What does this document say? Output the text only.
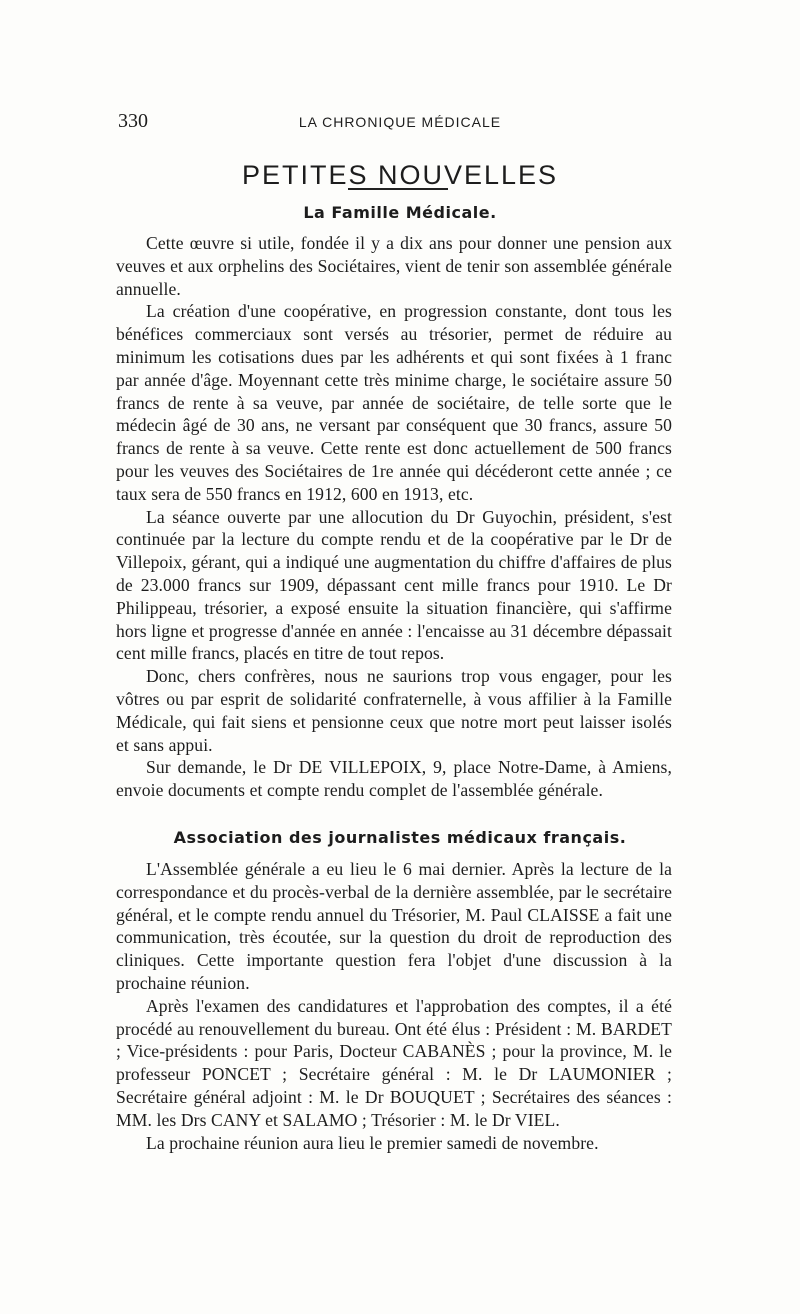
330	LA CHRONIQUE MÉDICALE
PETITES NOUVELLES
La Famille Médicale.

Cette œuvre si utile, fondée il y a dix ans pour donner une pension aux veuves et aux orphelins des Sociétaires, vient de tenir son assemblée générale annuelle.

La création d'une coopérative, en progression constante, dont tous les bénéfices commerciaux sont versés au trésorier, permet de réduire au minimum les cotisations dues par les adhérents et qui sont fixées à 1 franc par année d'âge. Moyennant cette très minime charge, le sociétaire assure 50 francs de rente à sa veuve, par année de sociétaire, de telle sorte que le médecin âgé de 30 ans, ne versant par conséquent que 30 francs, assure 50 francs de rente à sa veuve. Cette rente est donc actuellement de 500 francs pour les veuves des Sociétaires de 1re année qui décéderont cette année ; ce taux sera de 550 francs en 1912, 600 en 1913, etc.

La séance ouverte par une allocution du Dr Guyochin, président, s'est continuée par la lecture du compte rendu et de la coopérative par le Dr de Villepoix, gérant, qui a indiqué une augmentation du chiffre d'affaires de plus de 23.000 francs sur 1909, dépassant cent mille francs pour 1910. Le Dr Philippeau, trésorier, a exposé ensuite la situation financière, qui s'affirme hors ligne et progresse d'année en année : l'encaisse au 31 décembre dépassait cent mille francs, placés en titre de tout repos.

Donc, chers confrères, nous ne saurions trop vous engager, pour les vôtres ou par esprit de solidarité confraternelle, à vous affilier à la Famille Médicale, qui fait siens et pensionne ceux que notre mort peut laisser isolés et sans appui.

Sur demande, le Dr DE VILLEPOIX, 9, place Notre-Dame, à Amiens, envoie documents et compte rendu complet de l'assemblée générale.

Association des journalistes médicaux français.

L'Assemblée générale a eu lieu le 6 mai dernier. Après la lecture de la correspondance et du procès-verbal de la dernière assemblée, par le secrétaire général, et le compte rendu annuel du Trésorier, M. Paul CLAISSE a fait une communication, très écoutée, sur la question du droit de reproduction des cliniques. Cette importante question fera l'objet d'une discussion à la prochaine réunion.

Après l'examen des candidatures et l'approbation des comptes, il a été procédé au renouvellement du bureau. Ont été élus : Président : M. BARDET ; Vice-présidents : pour Paris, Docteur CABANÈS ; pour la province, M. le professeur PONCET ; Secrétaire général : M. le Dr LAUMONIER ; Secrétaire général adjoint : M. le Dr BOUQUET ; Secrétaires des séances : MM. les Drs CANY et SALAMO ; Trésorier : M. le Dr VIEL.

La prochaine réunion aura lieu le premier samedi de novembre.
